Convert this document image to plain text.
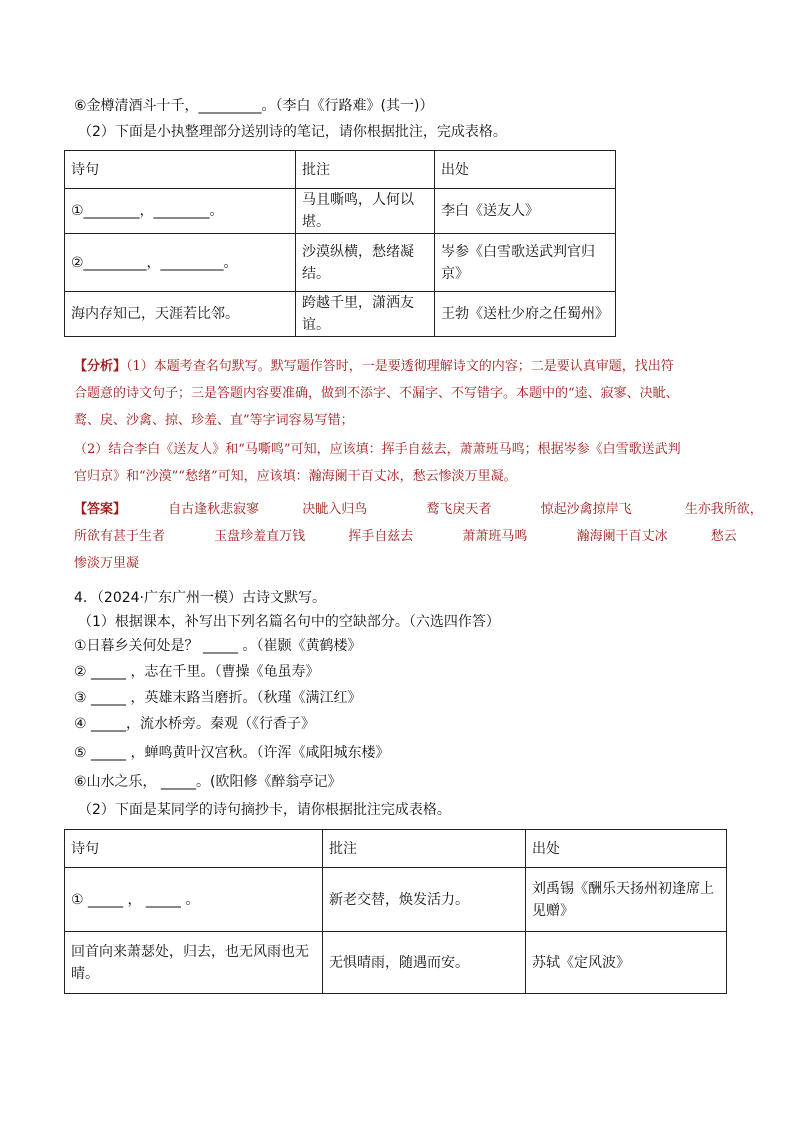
⑥金樽清酒斗十千，_________。（李白《行路难》(其一)）
（2）下面是小执整理部分送别诗的笔记，请你根据批注，完成表格。
诗句	批注	出处
①________，________。	马且嘶鸣，人何以堪。	李白《送友人》
②_________，_________。	沙漠纵横，愁绪凝结。	岑参《白雪歌送武判官归京》
海内存知己，天涯若比邻。	跨越千里，潇洒友谊。	王勃《送杜少府之任蜀州》
【分析】（1）本题考查名句默写。默写题作答时，一是要透彻理解诗文的内容；二是要认真审题，找出符
合题意的诗文句子；三是答题内容要准确，做到不添字、不漏字、不写错字。本题中的“逵、寂寥、决眦、
鹜、戾、沙禽、掠、珍羞、直”等字词容易写错；
（2）结合李白《送友人》和“马嘶鸣”可知，应该填：挥手自兹去，萧萧班马鸣；根据岑参《白雪歌送武判
官归京》和“沙漠”“愁绪”可知，应该填：瀚海阑干百丈冰，愁云惨淡万里凝。
【答案】	自古逢秋悲寂寥	决眦入归鸟	鹜飞戾天者	惊起沙禽掠岸飞	生亦我所欲，
所欲有甚于生者	玉盘珍羞直万钱	挥手自兹去	萧萧班马鸣	瀚海阑干百丈冰	愁云
惨淡万里凝
4．（2024·广东广州一模）古诗文默写。
（1）根据课本，补写出下列名篇名句中的空缺部分。（六选四作答）
①日暮乡关何处是？ _____ 。（崔颢《黄鹤楼》
② _____ ，志在千里。（曹操《龟虽寿》
③ _____ ，英雄末路当磨折。（秋瑾《满江红》
④ _____，流水桥旁。秦观（《行香子》
⑤ _____ ，蝉鸣黄叶汉宫秋。（许浑《咸阳城东楼》
⑥山水之乐， _____。(欧阳修《醉翁亭记》
（2）下面是某同学的诗句摘抄卡，请你根据批注完成表格。
诗句	批注	出处
① _____ ， _____ 。	新老交替，焕发活力。	刘禹锡《酬乐天扬州初逢席上见赠》
回首向来萧瑟处，归去，也无风雨也无晴。	无惧晴雨，随遇而安。	苏轼《定风波》
